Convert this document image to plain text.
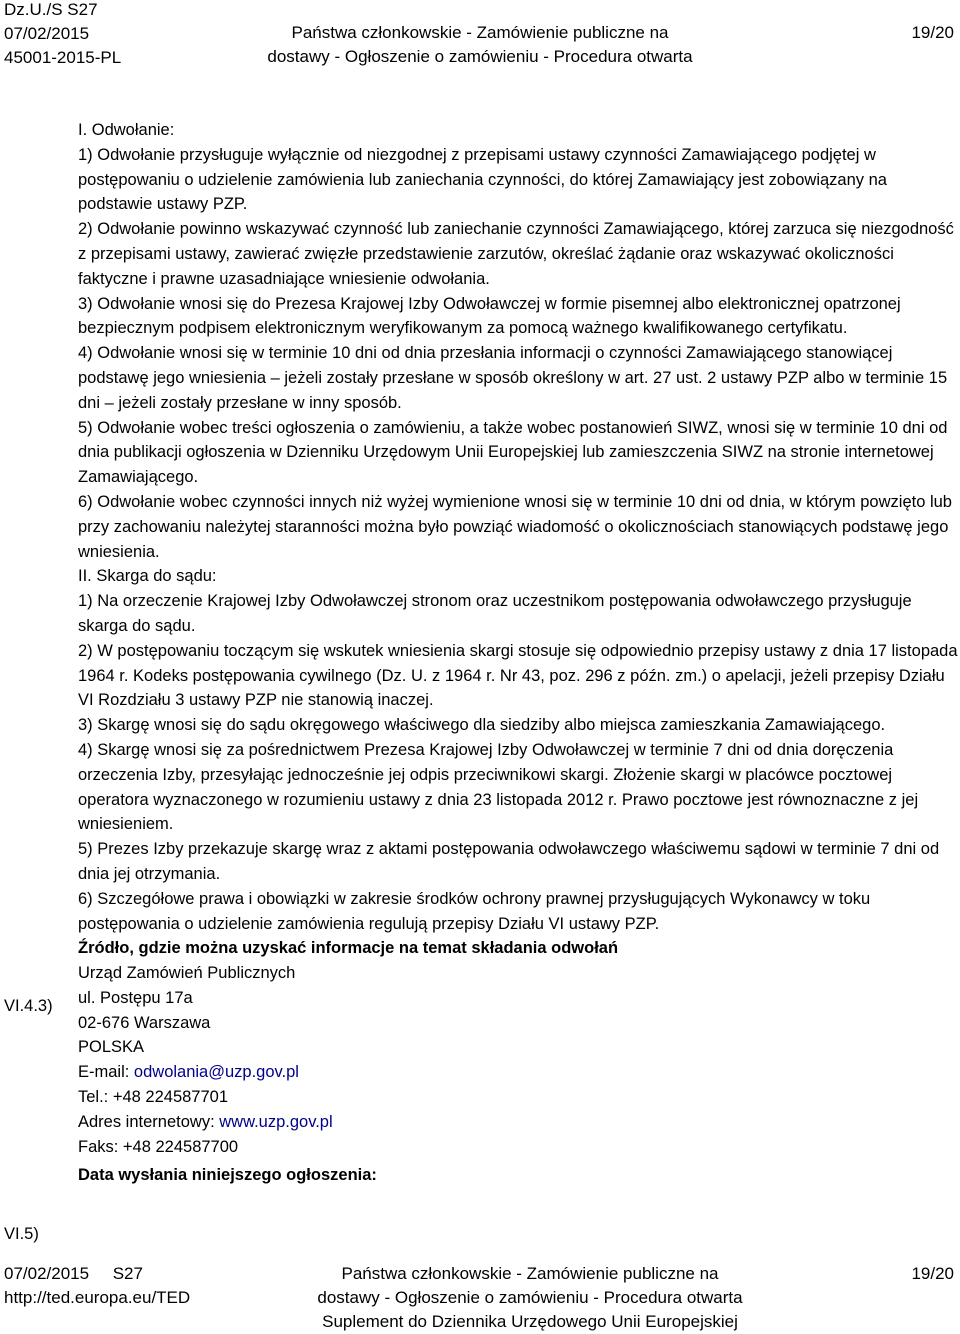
Dz.U./S S27
07/02/2015
45001-2015-PL
Państwa członkowskie - Zamówienie publiczne na
dostawy - Ogłoszenie o zamówieniu - Procedura otwarta
19/20
VI.4.3)
VI.5)

I. Odwołanie:

1) Odwołanie przysługuje wyłącznie od niezgodnej z przepisami ustawy czynności Zamawiającego podjętej w postępowaniu o udzielenie zamówienia lub zaniechania czynności, do której Zamawiający jest zobowiązany na podstawie ustawy PZP.

2) Odwołanie powinno wskazywać czynność lub zaniechanie czynności Zamawiającego, której zarzuca się niezgodność z przepisami ustawy, zawierać zwięzłe przedstawienie zarzutów, określać żądanie oraz wskazywać okoliczności faktyczne i prawne uzasadniające wniesienie odwołania.

3) Odwołanie wnosi się do Prezesa Krajowej Izby Odwoławczej w formie pisemnej albo elektronicznej opatrzonej bezpiecznym podpisem elektronicznym weryfikowanym za pomocą ważnego kwalifikowanego certyfikatu.

4) Odwołanie wnosi się w terminie 10 dni od dnia przesłania informacji o czynności Zamawiającego stanowiącej podstawę jego wniesienia – jeżeli zostały przesłane w sposób określony w art. 27 ust. 2 ustawy PZP albo w terminie 15 dni – jeżeli zostały przesłane w inny sposób.

5) Odwołanie wobec treści ogłoszenia o zamówieniu, a także wobec postanowień SIWZ, wnosi się w terminie 10 dni od dnia publikacji ogłoszenia w Dzienniku Urzędowym Unii Europejskiej lub zamieszczenia SIWZ na stronie internetowej Zamawiającego.

6) Odwołanie wobec czynności innych niż wyżej wymienione wnosi się w terminie 10 dni od dnia, w którym powzięto lub przy zachowaniu należytej staranności można było powziąć wiadomość o okolicznościach stanowiących podstawę jego wniesienia.

II. Skarga do sądu:

1) Na orzeczenie Krajowej Izby Odwoławczej stronom oraz uczestnikom postępowania odwoławczego przysługuje skarga do sądu.

2) W postępowaniu toczącym się wskutek wniesienia skargi stosuje się odpowiednio przepisy ustawy z dnia 17 listopada 1964 r. Kodeks postępowania cywilnego (Dz. U. z 1964 r. Nr 43, poz. 296 z późn. zm.) o apelacji, jeżeli przepisy Działu VI Rozdziału 3 ustawy PZP nie stanowią inaczej.

3) Skargę wnosi się do sądu okręgowego właściwego dla siedziby albo miejsca zamieszkania Zamawiającego.

4) Skargę wnosi się za pośrednictwem Prezesa Krajowej Izby Odwoławczej w terminie 7 dni od dnia doręczenia orzeczenia Izby, przesyłając jednocześnie jej odpis przeciwnikowi skargi. Złożenie skargi w placówce pocztowej operatora wyznaczonego w rozumieniu ustawy z dnia 23 listopada 2012 r. Prawo pocztowe jest równoznaczne z jej wniesieniem.

5) Prezes Izby przekazuje skargę wraz z aktami postępowania odwoławczego właściwemu sądowi w terminie 7 dni od dnia jej otrzymania.

6) Szczegółowe prawa i obowiązki w zakresie środków ochrony prawnej przysługujących Wykonawcy w toku postępowania o udzielenie zamówienia regulują przepisy Działu VI ustawy PZP.

Źródło, gdzie można uzyskać informacje na temat składania odwołań

Urząd Zamówień Publicznych

ul. Postępu 17a

02-676 Warszawa

POLSKA

E-mail: odwolania@uzp.gov.pl

Tel.: +48 224587701

Adres internetowy: www.uzp.gov.pl

Faks: +48 224587700

Data wysłania niniejszego ogłoszenia:

07/02/2015     S27
http://ted.europa.eu/TED
Państwa członkowskie - Zamówienie publiczne na
dostawy - Ogłoszenie o zamówieniu - Procedura otwarta
Suplement do Dziennika Urzędowego Unii Europejskiej
19/20
